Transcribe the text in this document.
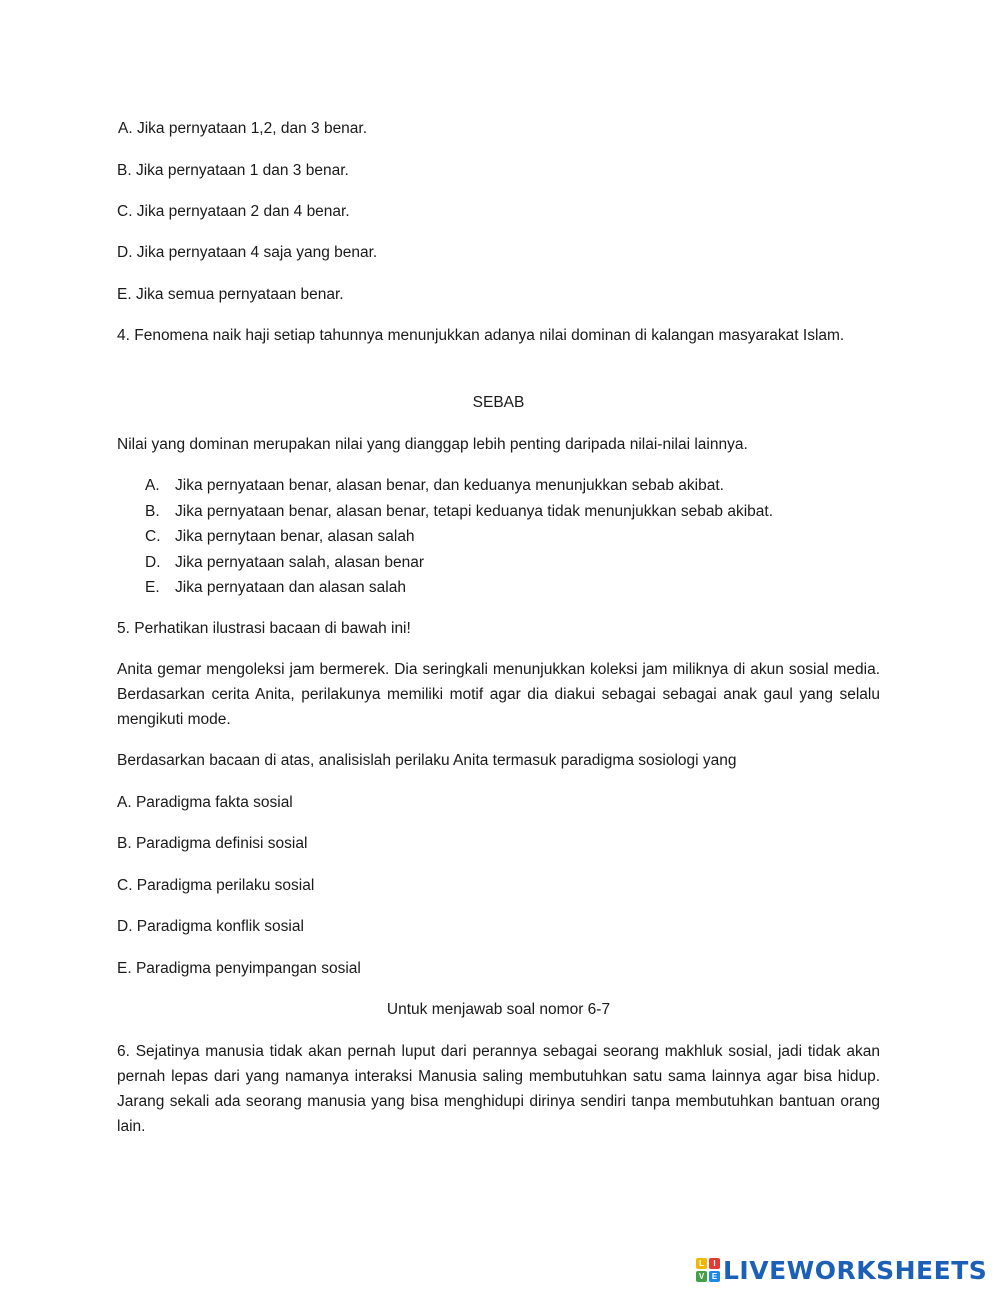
A. Jika pernyataan 1,2, dan 3 benar.

B. Jika pernyataan 1 dan 3 benar.

C. Jika pernyataan 2 dan 4 benar.

D. Jika pernyataan 4 saja yang benar.

E. Jika semua pernyataan benar.

4. Fenomena naik haji setiap tahunnya menunjukkan adanya nilai dominan di kalangan masyarakat Islam.

SEBAB

Nilai yang dominan merupakan nilai yang dianggap lebih penting daripada nilai-nilai lainnya.

A. Jika pernyataan benar, alasan benar, dan keduanya menunjukkan sebab akibat.
B. Jika pernyataan benar, alasan benar, tetapi keduanya tidak menunjukkan sebab akibat.
C. Jika pernytaan benar, alasan salah
D. Jika pernyataan salah, alasan benar
E. Jika pernyataan dan alasan salah

5. Perhatikan ilustrasi bacaan di bawah ini!

Anita gemar mengoleksi jam bermerek. Dia seringkali menunjukkan koleksi jam miliknya di akun sosial media. Berdasarkan cerita Anita, perilakunya memiliki motif agar dia diakui sebagai sebagai anak gaul yang selalu mengikuti mode.

Berdasarkan bacaan di atas, analisislah perilaku Anita termasuk paradigma sosiologi yang

A. Paradigma fakta sosial

B. Paradigma definisi sosial

C. Paradigma perilaku sosial

D. Paradigma konflik sosial

E. Paradigma penyimpangan sosial

Untuk menjawab soal nomor 6-7

6. Sejatinya manusia tidak akan pernah luput dari perannya sebagai seorang makhluk sosial, jadi tidak akan pernah lepas dari yang namanya interaksi Manusia saling membutuhkan satu sama lainnya agar bisa hidup. Jarang sekali ada seorang manusia yang bisa menghidupi dirinya sendiri tanpa membutuhkan bantuan orang lain.

L	I
V E LIVEWORKSHEETS
